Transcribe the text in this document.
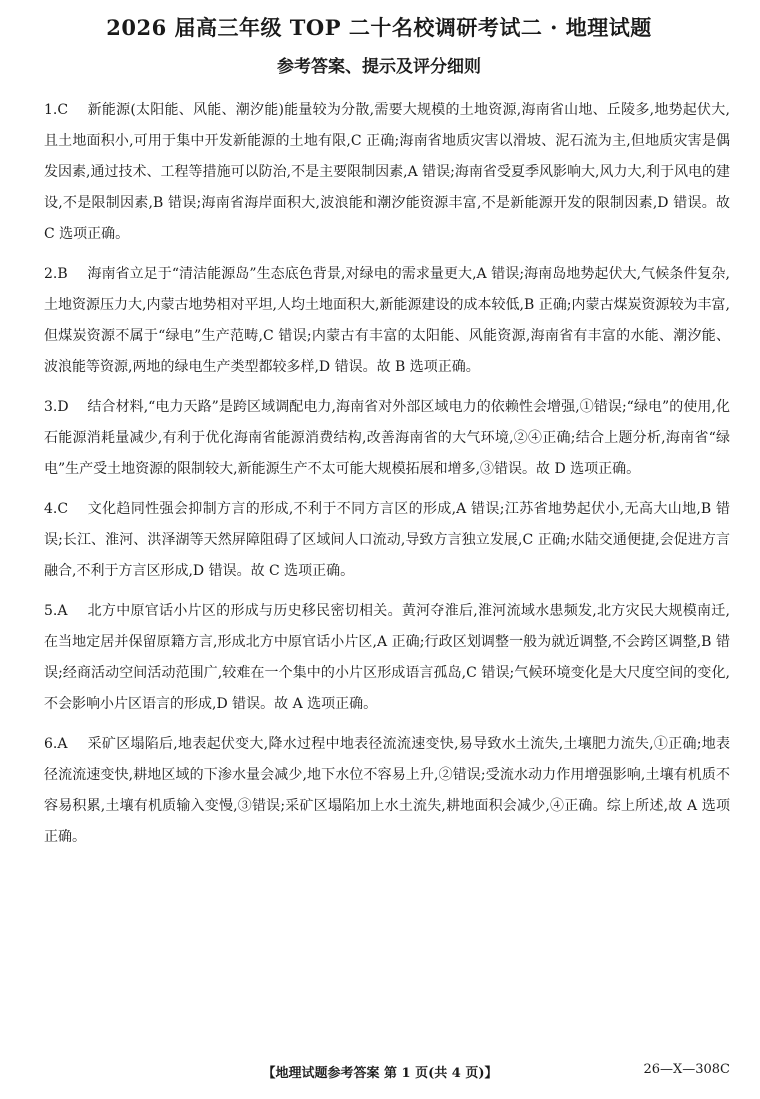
2026 届高三年级 TOP 二十名校调研考试二 · 地理试题
参考答案、提示及评分细则
1.C 新能源(太阳能、风能、潮汐能)能量较为分散,需要大规模的土地资源,海南省山地、丘陵多,地势起伏大,且土地面积小,可用于集中开发新能源的土地有限,C 正确;海南省地质灾害以滑坡、泥石流为主,但地质灾害是偶发因素,通过技术、工程等措施可以防治,不是主要限制因素,A 错误;海南省受夏季风影响大,风力大,利于风电的建设,不是限制因素,B 错误;海南省海岸面积大,波浪能和潮汐能资源丰富,不是新能源开发的限制因素,D 错误。故 C 选项正确。
2.B 海南省立足于“清洁能源岛”生态底色背景,对绿电的需求量更大,A 错误;海南岛地势起伏大,气候条件复杂,土地资源压力大,内蒙古地势相对平坦,人均土地面积大,新能源建设的成本较低,B 正确;内蒙古煤炭资源较为丰富,但煤炭资源不属于“绿电”生产范畴,C 错误;内蒙古有丰富的太阳能、风能资源,海南省有丰富的水能、潮汐能、波浪能等资源,两地的绿电生产类型都较多样,D 错误。故 B 选项正确。
3.D 结合材料,“电力天路”是跨区域调配电力,海南省对外部区域电力的依赖性会增强,①错误;“绿电”的使用,化石能源消耗量减少,有利于优化海南省能源消费结构,改善海南省的大气环境,②④正确;结合上题分析,海南省“绿电”生产受土地资源的限制较大,新能源生产不太可能大规模拓展和增多,③错误。故 D 选项正确。
4.C 文化趋同性强会抑制方言的形成,不利于不同方言区的形成,A 错误;江苏省地势起伏小,无高大山地,B 错误;长江、淮河、洪泽湖等天然屏障阻碍了区域间人口流动,导致方言独立发展,C 正确;水陆交通便捷,会促进方言融合,不利于方言区形成,D 错误。故 C 选项正确。
5.A 北方中原官话小片区的形成与历史移民密切相关。黄河夺淮后,淮河流域水患频发,北方灾民大规模南迁,在当地定居并保留原籍方言,形成北方中原官话小片区,A 正确;行政区划调整一般为就近调整,不会跨区调整,B 错误;经商活动空间活动范围广,较难在一个集中的小片区形成语言孤岛,C 错误;气候环境变化是大尺度空间的变化,不会影响小片区语言的形成,D 错误。故 A 选项正确。
6.A 采矿区塌陷后,地表起伏变大,降水过程中地表径流流速变快,易导致水土流失,土壤肥力流失,①正确;地表径流流速变快,耕地区域的下渗水量会减少,地下水位不容易上升,②错误;受流水动力作用增强影响,土壤有机质不容易积累,土壤有机质输入变慢,③错误;采矿区塌陷加上水土流失,耕地面积会减少,④正确。综上所述,故 A 选项正确。
【地理试题参考答案 第 1 页(共 4 页)】	26—X—308C
